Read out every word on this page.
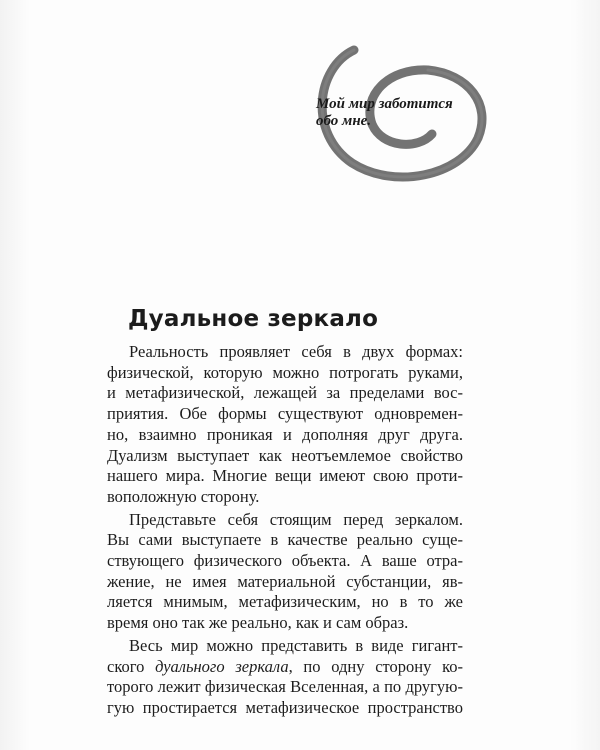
Мой мир заботится
обо мне.
Дуальное зеркало

Реальность проявляет себя в двух формах:
физической, которую можно потрогать руками,
и метафизической, лежащей за пределами вос -
приятия. Обе формы существуют одновремен -
но, взаимно проникая и дополняя друг друга.
Дуализм выступает как неотъемлемое свойство
нашего мира. Многие вещи имеют свою проти -
воположную сторону.

Представьте себя стоящим перед зеркалом.
Вы сами выступаете в качестве реально суще -
ствующего физического объекта. А ваше отра -
жение, не имея материальной субстанции, яв -
ляется мнимым, метафизическим, но в то же
время оно так же реально, как и сам образ.

Весь мир можно представить в виде гигант -
ского дуального зеркала, по одну сторону ко -
торого лежит физическая Вселенная, а по другую -
гую простирается метафизическое пространство
